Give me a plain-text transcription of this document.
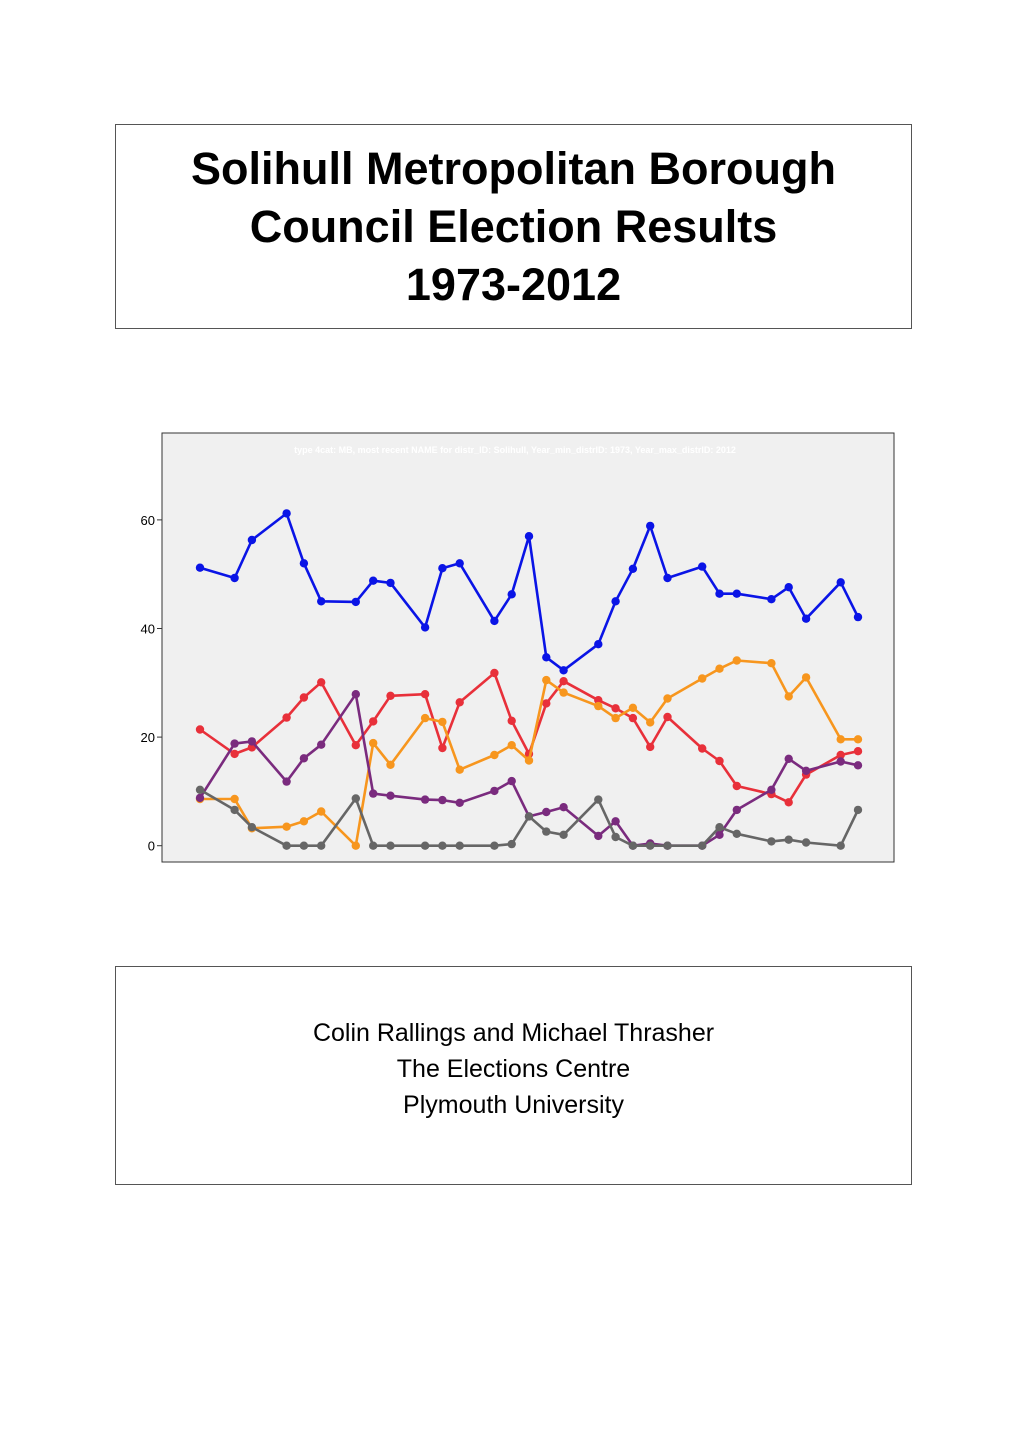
Solihull Metropolitan Borough
Council Election Results
1973-2012
type 4cat: MB, most recent NAME for distr_ID: Solihull, Year_min_distrID: 1973, Year_max_distrID: 2012
0
20
40
60
Colin Rallings and Michael Thrasher
The Elections Centre
Plymouth University
